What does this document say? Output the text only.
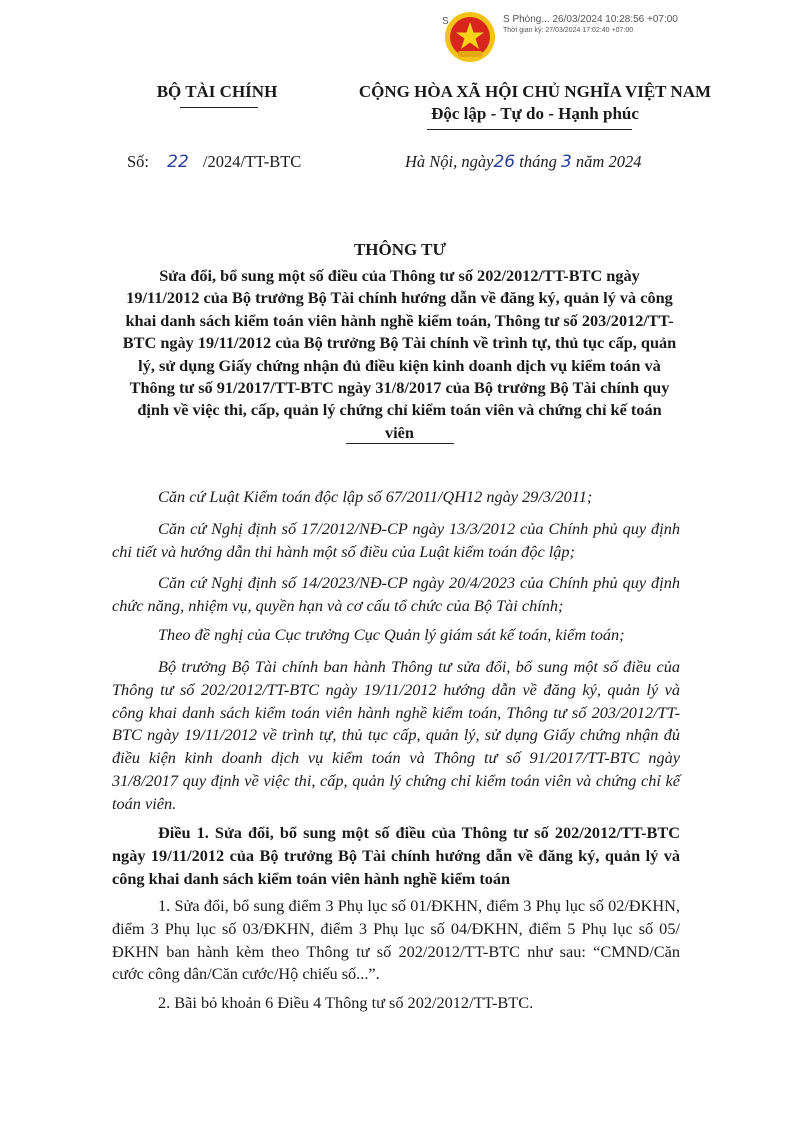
S	S Phòng... 26/03/2024 10:28:56 +07:00
Thời gian ký: 27/03/2024 17:02:40 +07:00
BỘ TÀI CHÍNH	CỘNG HÒA XÃ HỘI CHỦ NGHĨA VIỆT NAM
Độc lập - Tự do - Hạnh phúc
Số: 22 /2024/TT-BTC	Hà Nội, ngày26 tháng 3 năm 2024
THÔNG TƯ
Sửa đổi, bổ sung một số điều của Thông tư số 202/2012/TT-BTC ngày 19/11/2012 của Bộ trưởng Bộ Tài chính hướng dẫn về đăng ký, quản lý và công khai danh sách kiểm toán viên hành nghề kiểm toán, Thông tư số 203/2012/TT-BTC ngày 19/11/2012 của Bộ trưởng Bộ Tài chính về trình tự, thủ tục cấp, quản lý, sử dụng Giấy chứng nhận đủ điều kiện kinh doanh dịch vụ kiểm toán và Thông tư số 91/2017/TT-BTC ngày 31/8/2017 của Bộ trưởng Bộ Tài chính quy định về việc thi, cấp, quản lý chứng chỉ kiểm toán viên và chứng chỉ kế toán viên
Căn cứ Luật Kiểm toán độc lập số 67/2011/QH12 ngày 29/3/2011;
Căn cứ Nghị định số 17/2012/NĐ-CP ngày 13/3/2012 của Chính phủ quy định chi tiết và hướng dẫn thi hành một số điều của Luật kiểm toán độc lập;
Căn cứ Nghị định số 14/2023/NĐ-CP ngày 20/4/2023 của Chính phủ quy định chức năng, nhiệm vụ, quyền hạn và cơ cấu tổ chức của Bộ Tài chính;
Theo đề nghị của Cục trưởng Cục Quản lý giám sát kế toán, kiểm toán;
Bộ trưởng Bộ Tài chính ban hành Thông tư sửa đổi, bổ sung một số điều của Thông tư số 202/2012/TT-BTC ngày 19/11/2012 hướng dẫn về đăng ký, quản lý và công khai danh sách kiểm toán viên hành nghề kiểm toán, Thông tư số 203/2012/TT-BTC ngày 19/11/2012 về trình tự, thủ tục cấp, quản lý, sử dụng Giấy chứng nhận đủ điều kiện kinh doanh dịch vụ kiểm toán và Thông tư số 91/2017/TT-BTC ngày 31/8/2017 quy định về việc thi, cấp, quản lý chứng chỉ kiểm toán viên và chứng chỉ kế toán viên.
Điều 1. Sửa đổi, bổ sung một số điều của Thông tư số 202/2012/TT-BTC ngày 19/11/2012 của Bộ trưởng Bộ Tài chính hướng dẫn về đăng ký, quản lý và công khai danh sách kiểm toán viên hành nghề kiểm toán
1. Sửa đổi, bổ sung điểm 3 Phụ lục số 01/ĐKHN, điểm 3 Phụ lục số 02/ĐKHN, điểm 3 Phụ lục số 03/ĐKHN, điểm 3 Phụ lục số 04/ĐKHN, điểm 5 Phụ lục số 05/ĐKHN ban hành kèm theo Thông tư số 202/2012/TT-BTC như sau: “CMND/Căn cước công dân/Căn cước/Hộ chiếu số...”.
2. Bãi bỏ khoản 6 Điều 4 Thông tư số 202/2012/TT-BTC.
